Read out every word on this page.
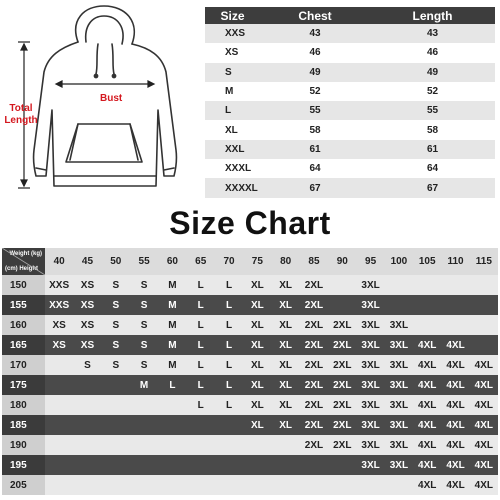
Bust
Total Length
Size	Chest	Length
XXS	43	43
XS	46	46
S	49	49
M	52	52
L	55	55
XL	58	58
XXL	61	61
XXXL	64	64
XXXXL	67	67
Size Chart
Weight (kg)
(cm) Height	40	45	50	55	60	65	70	75	80	85	90	95	100	105	110	115
150	XXS	XS	S	S	M	L	L	XL	XL	2XL		3XL				
155	XXS	XS	S	S	M	L	L	XL	XL	2XL		3XL				
160	XS	XS	S	S	M	L	L	XL	XL	2XL	2XL	3XL	3XL			
165	XS	XS	S	S	M	L	L	XL	XL	2XL	2XL	3XL	3XL	4XL	4XL	
170		S	S	S	M	L	L	XL	XL	2XL	2XL	3XL	3XL	4XL	4XL	4XL
175				M	L	L	L	XL	XL	2XL	2XL	3XL	3XL	4XL	4XL	4XL
180						L	L	XL	XL	2XL	2XL	3XL	3XL	4XL	4XL	4XL
185								XL	XL	2XL	2XL	3XL	3XL	4XL	4XL	4XL
190										2XL	2XL	3XL	3XL	4XL	4XL	4XL
195												3XL	3XL	4XL	4XL	4XL
205														4XL	4XL	4XL
